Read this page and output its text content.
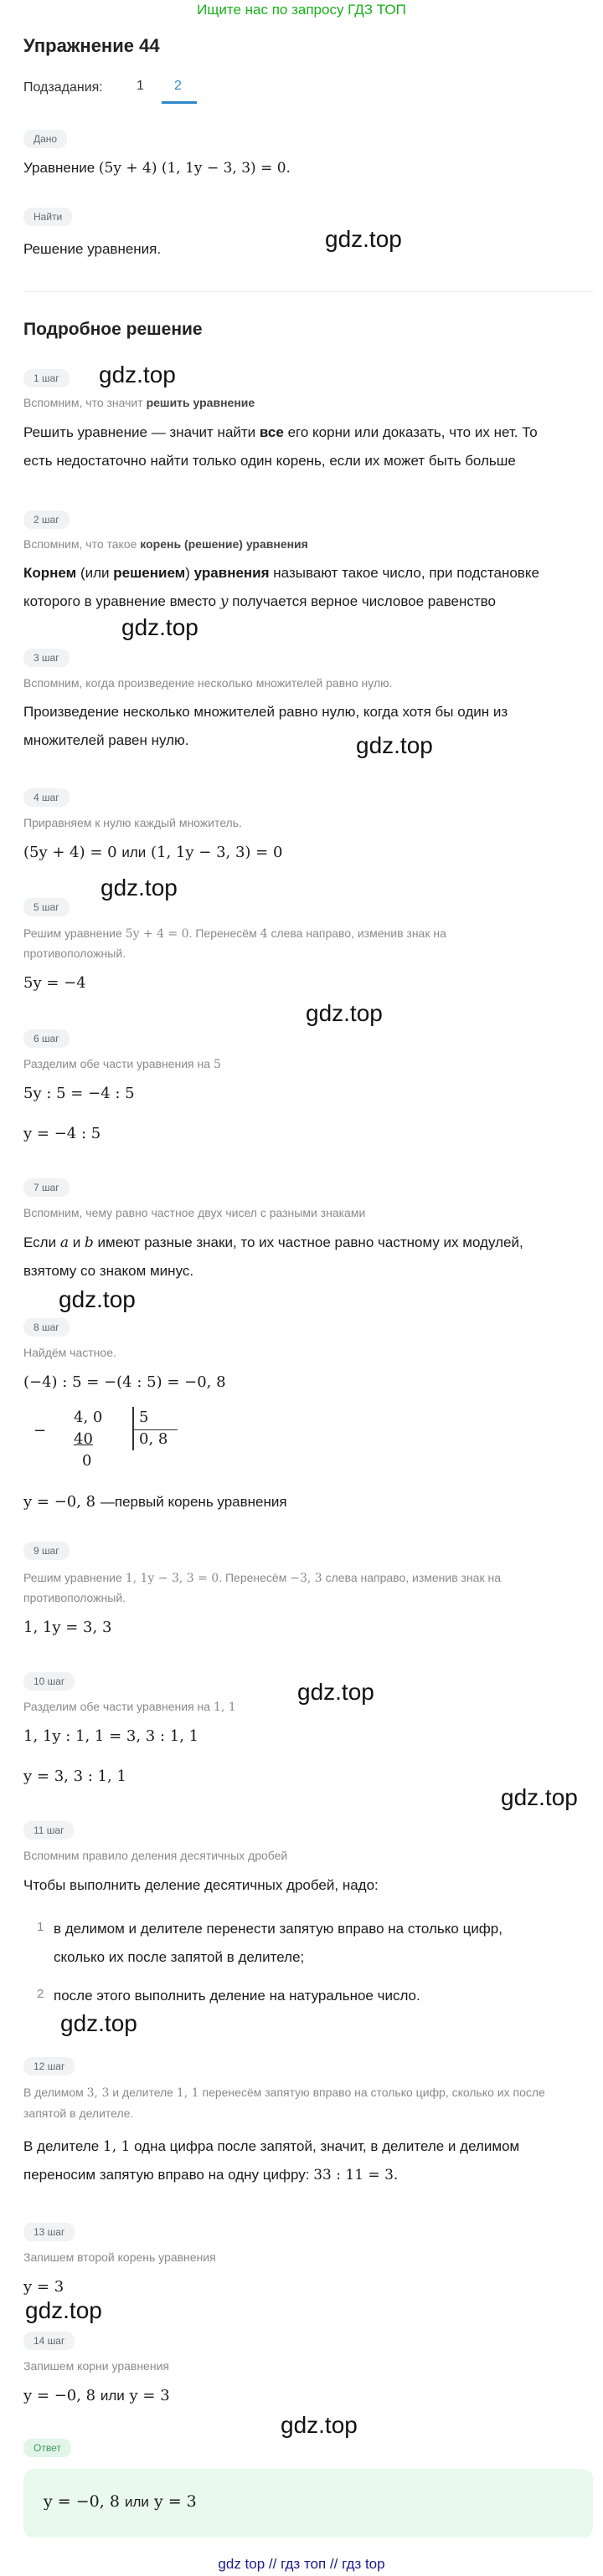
Ищите нас по запросу ГДЗ ТОП
Упражнение 44
Подзадания:	1	2
Дано
Уравнение (5y + 4) (1, 1y − 3, 3) = 0.
Найти
Решение уравнения.	gdz.top
Подробное решение
gdz.top
1 шаг
Вспомним, что значит решить уравнение
Решить уравнение — значит найти все его корни или доказать, что их нет. То
есть недостаточно найти только один корень, если их может быть больше
2 шаг
Вспомним, что такое корень (решение) уравнения
Корнем (или решением) уравнения называют такое число, при подстановке
которого в уравнение вместо y получается верное числовое равенство
gdz.top
3 шаг
Вспомним, когда произведение несколько множителей равно нулю.
Произведение несколько множителей равно нулю, когда хотя бы один из
множителей равен нулю.	gdz.top
4 шаг
Приравняем к нулю каждый множитель.
(5y + 4) = 0 или (1, 1y − 3, 3) = 0
gdz.top
5 шаг
Решим уравнение 5y + 4 = 0. Перенесём 4 слева направо, изменив знак на
противоположный.
5y = −4
gdz.top
6 шаг
Разделим обе части уравнения на 5
5y : 5 = −4 : 5
y = −4 : 5
7 шаг
Вспомним, чему равно частное двух чисел с разными знаками
Если a и b имеют разные знаки, то их частное равно частному их модулей,
взятому со знаком минус.
gdz.top
8 шаг
Найдём частное.
(−4) : 5 = −(4 : 5) = −0, 8
−
4, 0
40
0
5
0, 8
y = −0, 8 —первый корень уравнения
9 шаг
Решим уравнение 1, 1y − 3, 3 = 0. Перенесём −3, 3 слева направо, изменив знак на
противоположный.
1, 1y = 3, 3
10 шаг	gdz.top
Разделим обе части уравнения на 1, 1
1, 1y : 1, 1 = 3, 3 : 1, 1
y = 3, 3 : 1, 1
gdz.top
11 шаг
Вспомним правило деления десятичных дробей
Чтобы выполнить деление десятичных дробей, надо:
1 в делимом и делителе перенести запятую вправо на столько цифр,
сколько их после запятой в делителе;
2 после этого выполнить деление на натуральное число.
gdz.top
12 шаг
В делимом 3, 3 и делителе 1, 1 перенесём запятую вправо на столько цифр, сколько их после запятой в делителе.
В делителе 1, 1 одна цифра после запятой, значит, в делителе и делимом
переносим запятую вправо на одну цифру: 33 : 11 = 3.
13 шаг
Запишем второй корень уравнения
y = 3
gdz.top
14 шаг
Запишем корни уравнения
y = −0, 8 или y = 3
gdz.top
Ответ
y = −0, 8 или y = 3
gdz top // гдз топ // гдз top
